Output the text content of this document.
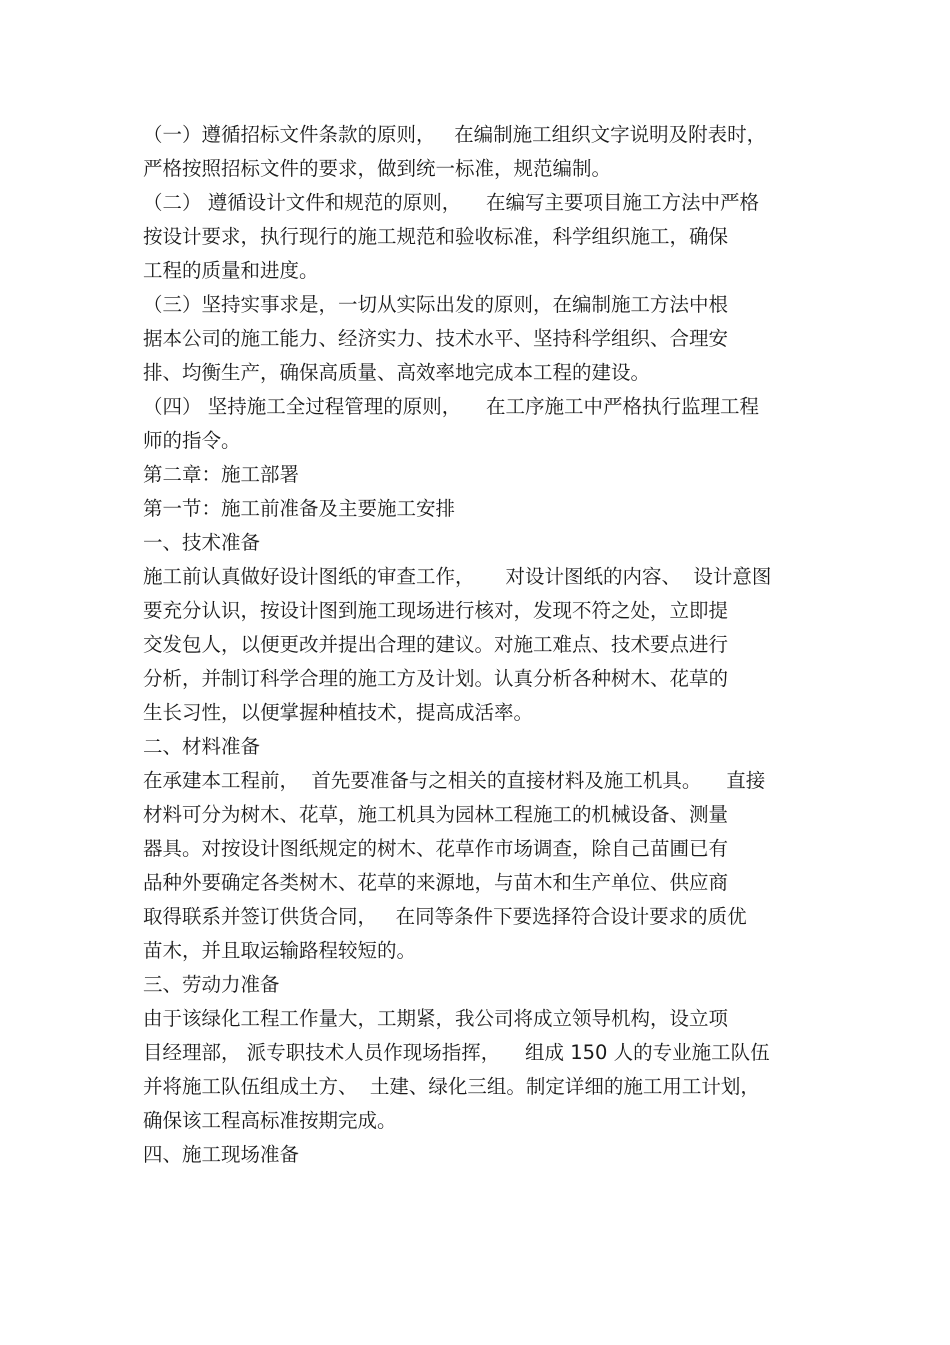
（一）遵循招标文件条款的原则，   在编制施工组织文字说明及附表时，
严格按照招标文件的要求，做到统一标准，规范编制。
（二） 遵循设计文件和规范的原则，    在编写主要项目施工方法中严格
按设计要求，执行现行的施工规范和验收标准，科学组织施工，确保
工程的质量和进度。
（三）坚持实事求是，一切从实际出发的原则，在编制施工方法中根
据本公司的施工能力、经济实力、技术水平、坚持科学组织、合理安
排、均衡生产，确保高质量、高效率地完成本工程的建设。
（四） 坚持施工全过程管理的原则，    在工序施工中严格执行监理工程
师的指令。
第二章：施工部署
第一节：施工前准备及主要施工安排
一、技术准备
施工前认真做好设计图纸的审查工作，     对设计图纸的内容、  设计意图
要充分认识，按设计图到施工现场进行核对，发现不符之处，立即提
交发包人，以便更改并提出合理的建议。对施工难点、技术要点进行
分析，并制订科学合理的施工方及计划。认真分析各种树木、花草的
生长习性，以便掌握种植技术，提高成活率。
二、材料准备
在承建本工程前，  首先要准备与之相关的直接材料及施工机具。    直接
材料可分为树木、花草，施工机具为园林工程施工的机械设备、测量
器具。对按设计图纸规定的树木、花草作市场调查，除自己苗圃已有
品种外要确定各类树木、花草的来源地，与苗木和生产单位、供应商
取得联系并签订供货合同，   在同等条件下要选择符合设计要求的质优
苗木，并且取运输路程较短的。
三、劳动力准备
由于该绿化工程工作量大，工期紧，我公司将成立领导机构，设立项
目经理部， 派专职技术人员作现场指挥，    组成 150 人的专业施工队伍
并将施工队伍组成土方、  土建、绿化三组。制定详细的施工用工计划，
确保该工程高标准按期完成。
四、施工现场准备
